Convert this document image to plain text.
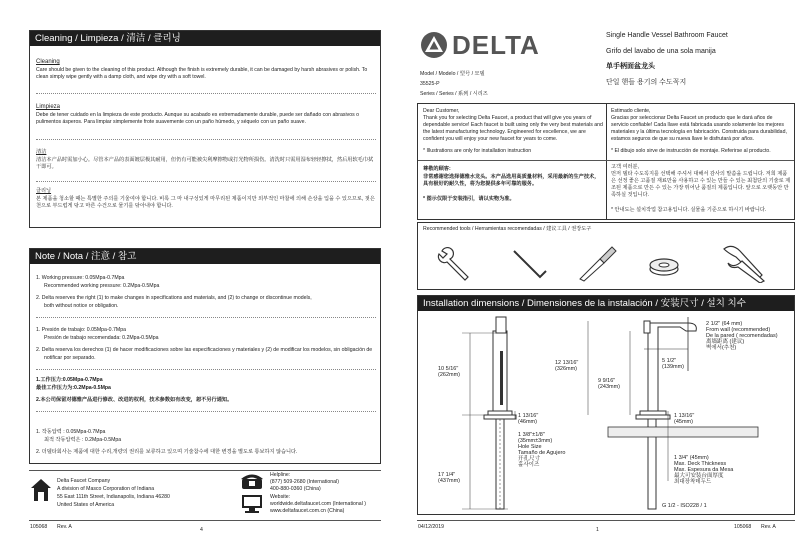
Cleaning / Limpieza / 清洁 / 클리닝
Cleaning
Care should be given to the cleaning of this product. Although the finish is extremely durable, it can be damaged by harsh abrasives or polish. To clean simply wipe gently with a damp cloth, and wipe dry with a soft towel.
Limpieza
Debe de tener cuidado en la limpieza de este producto. Aunque su acabado es extremadamente durable, puede ser dañado con abrasivos o pulimentos ásperos. Para limpiar simplemente frote suavemente con un paño húmedo, y séquelo con un paño suave.
清洁
清洁本产品时需加小心。尽管本产品的表面镀层极其耐用，但仍有可能被尖利摩擦物或打光物所损伤。清洗时只需用湿布轻轻擦拭，然后用软毛巾拭干即可。
클리닝
본 제품을 청소할 때는 특별한 주의를 기울여야 합니다. 비록 그 마 내구성있게 마무리된 제품이지만 외부적인 마찰에 의해 손상을 입을 수 있으므로, 젖은 천으로 부드럽게 닦고 마른 수건으로 물기를 닦아내야 합니다.
Note / Nota / 注意 / 참고
1. Working pressure: 0.05Mpa-0.7Mpa
Recommended working pressure: 0.2Mpa-0.5Mpa
2. Delta reserves the right (1) to make changes in specifications and materials, and (2) to change or discontinue models,
both without notice or obligation.
1. Presión de trabajo: 0.05Mpa-0.7Mpa
Presión de trabajo recomendada: 0.2Mpa-0.5Mpa
2. Delta reserva los derechos (1) de hacer modificaciones sobre las especificaciones y materiales y (2) de modificar los modelos, sin obligación de
notificar por separado.
1.工作压力:0.05Mpa-0.7Mpa
最佳工作压力为:0.2Mpa-0.5Mpa
2.本公司保留对德雅产品进行修改、改进的权利，技术参数如有改变，恕不另行通知。
1. 작동압력 : 0.05Mpa-0.7Mpa
최적 작동압력은 : 0.2Mpa-0.5Mpa
2. 더델타회사는 제품에 대한 수리,개량의 권리를 보류하고 있으며 기술참수에 대한 변경을 별도로 통보하지 않습니다.
Delta Faucet Company
A division of Masco Corporation of Indiana
55 East 111th Street, Indianapolis, Indiana 46280
United States of America
Helpline:
(877) 509-2680 (International)
400-880-0360 (China)
Website:
worldwide.deltafaucet.com (International )
www.deltafaucet.com.cn (China)
105068 Rev. A	4
DELTA	Single Handle Vessel Bathroom Faucet
Grifo del lavabo de una sola manija
单手柄面盆龙头
단일 핸들 용기의 수도꼭지
Model / Modelo / 型号 / 모델
35525-P
Series / Series / 系列 / 시리즈
Dear Customer,
Thank you for selecting Delta Faucet, a product that will give you years of dependable service! Each faucet is built using only the very best materials and the latest manufacturing technology. Engineered for excellence, we are confident you will enjoy your new faucet for years to come.
* Illustrations are only for installation instruction
Estimado cliente,
Gracias por seleccionar Delta Faucet un producto que le dará años de servicio confiable! Cada llave está fabricada usando solamente los mejores materiales y la última tecnología en fabricación. Construida para durabilidad, estamos seguros de que su nueva llave le disfrutará por años.
* El dibujo solo sirve de instrucción de montaje. Referirse al producto.
尊敬的顾客:
非常感谢您选择德雅水龙头。本产品选用高质量材料，采用最新的生产技术，具有极好的耐久性，将为您提供多年可靠的服务。
* 图示仅限于安装指引，请以实物为准。
고객 여러분,
먼저 델타 수도꼭지를 선택해 주셔서 대해서 감사의 말씀을 드립니다. 저희 제품은 선정 좋은 고품질 재료만을 사용하고 수 있는 만들 수 있는 최첨단의 기술로 제조된 제품으로 만든 수 있는 가장 뛰어난 품질의 제품입니다. 앞으로 오랫동안 만족하실 것입니다.
* 안내도는 설치작업 참고용입니다. 실물을 기준으로 하시기 바랍니다.
Recommended tools / Herramientas recomendadas / 建议工具 / 권장도구
Installation dimensions / Dimensiones de la instalación / 安装尺寸 / 설치 치수
10 5/16"
(262mm)
12 13/16"
(326mm)
9 9/16"
(243mm)
5 1/2"
(139mm)
1 13/16"
(46mm)
1 13/16"
(45mm)
2 1/2" (64 mm)
From wall (recommended)
De la pared ( recomendadas)
离墙距离 (建议)
벽에서(추천)
1 3/8"±1/8"
(35mm±3mm)
Hole Size
Tamaño de Agujero
开孔尺寸
홀사이즈
17 1/4"
(437mm)
1 3/4" (45mm)
Max. Deck Thickness
Max. Espesura da Mesa
最大可安装台面厚度
최대장착데두드
G 1/2 - ISO228 / 1
04/12/2019	1	105068 Rev. A
